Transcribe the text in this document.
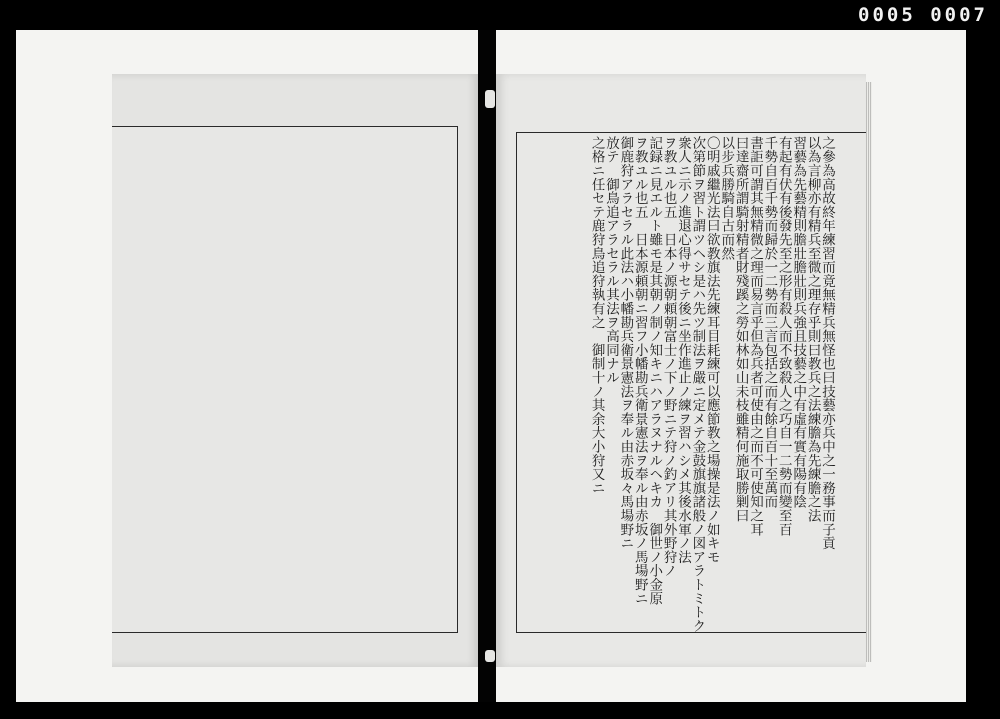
0005 0007
之參為高故終年練習而竟無精兵無怪也曰技藝亦兵中之一務事而子貢
以為言柳亦有精兵至微之理存乎則曰教兵之法練膽為先練膽之法
習藝為先藝精則膽壯膽壯則兵強且技藝之中有虛有實有陽有陰
有起有伏有後發先至之形有殺人而不致殺人之巧自一二勢而變至百
千勢自百千勢而歸於一二勢而三言包括之而有餘自百十至萬而
書詎可謂其無精微之理而易言乎但為兵者可使由之而不可使知之耳
曰達齋所謂騎射精者財殘蹊之勞如林如山未枝雖精何施取勝剿曰
以步兵勝騎自古而然
〇明戚繼光法曰欲教旗法先練耳目耗練可以應節教之場操是法ノ如キモ
次第節ヲ習ト謂ツヘシ是ハ先ツ制法ヲ嚴ニ定メテ金鼓旗旗諸般ノ図アラトミトク
衆人ニ示ノ進退心得サセテ後ニ坐作進止ノ練ヲ習ハシメ其後水軍ノ法
ヲ教ユル也五　日本ノ源朝頼朝富士ノ下ノ野ニテ狩ノ釣アリ其外野狩ノ
記録ニ見エルト雖モ是其朝ノ制ノ知キニハアラヌナルヘキカ　御世ノ小金原
ヲ教ユル也五　日本源頼朝ニ習フ小幡勘兵衛景憲法ヲ奉ル由赤坂ノ馬場野ニ
御鹿狩アラセラル此法ハ小幡勘兵衛景憲法ヲ奉ル由赤坂々馬場野ニ
放テ　御鳥追アラセラル其法ヲ高同ナル
之格ニ任セテ鹿狩鳥追狩執有之　御制十ノ其余大小狩又ニ
